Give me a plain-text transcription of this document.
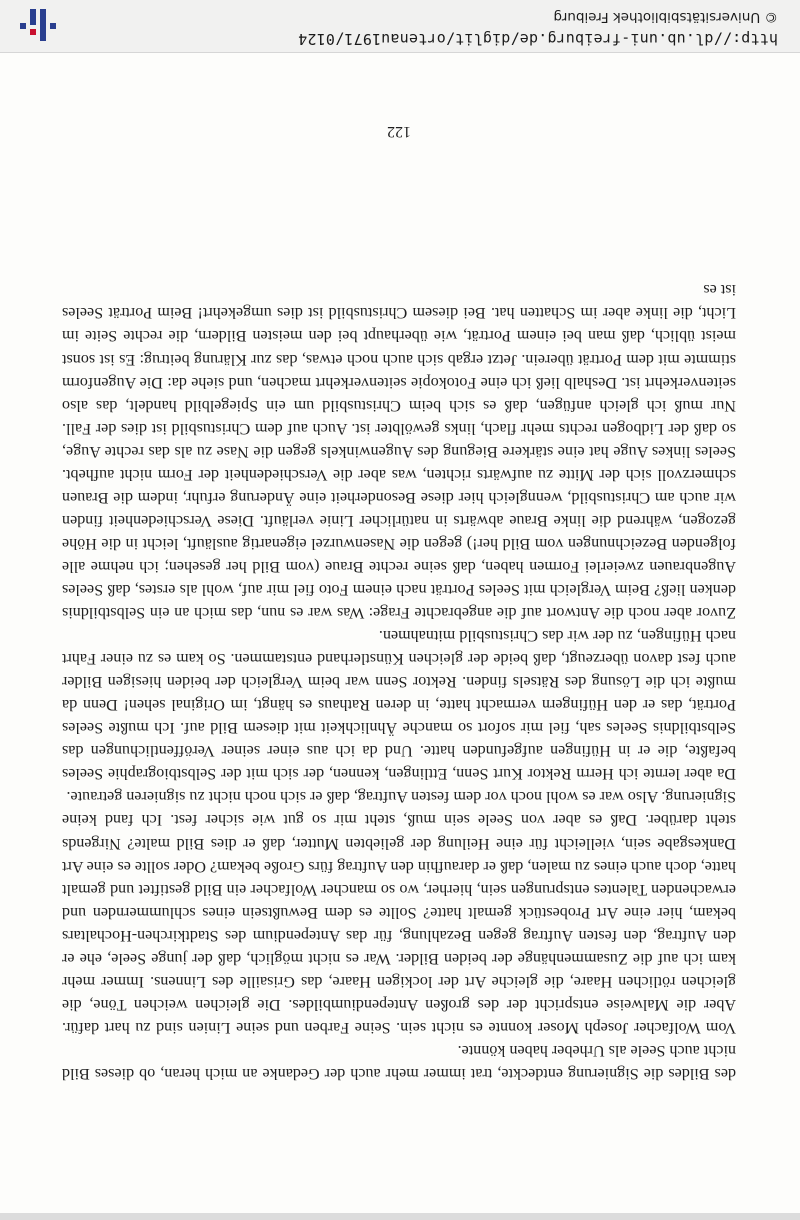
des Bildes die Signierung entdeckte, trat immer mehr auch der Gedanke an mich heran, ob dieses Bild nicht auch Seele als Urheber haben könnte.

Vom Wolfacher Joseph Moser konnte es nicht sein. Seine Farben und seine Linien sind zu hart dafür. Aber die Malweise entspricht der des großen Antependiumbildes. Die gleichen weichen Töne, die gleichen rötlichen Haare, die gleiche Art der lockigen Haare, das Grisaille des Linnens. Immer mehr kam ich auf die Zusammenhänge der beiden Bilder. War es nicht möglich, daß der junge Seele, ehe er den Auftrag, den festen Auftrag gegen Bezahlung, für das Antependium des Stadtkirchen-Hochaltars bekam, hier eine Art Probestück gemalt hatte? Sollte es dem Bewußtsein eines schlummernden und erwachenden Talentes entsprungen sein, hierher, wo so mancher Wolfacher ein Bild gestiftet und gemalt hatte, doch auch eines zu malen, daß er daraufhin den Auftrag fürs Große bekam? Oder sollte es eine Art Dankesgabe sein, vielleicht für eine Heilung der geliebten Mutter, daß er dies Bild malte? Nirgends steht darüber. Daß es aber von Seele sein muß, steht mir so gut wie sicher fest. Ich fand keine Signierung. Also war es wohl noch vor dem festen Auftrag, daß er sich noch nicht zu signieren getraute.

Da aber lernte ich Herrn Rektor Kurt Senn, Ettlingen, kennen, der sich mit der Selbstbiographie Seeles befaßte, die er in Hüfingen aufgefunden hatte. Und da ich aus einer seiner Veröffentlichungen das Selbstbildnis Seeles sah, fiel mir sofort so manche Ähnlichkeit mit diesem Bild auf. Ich mußte Seeles Porträt, das er den Hüfingern vermacht hatte, in deren Rathaus es hängt, im Original sehen! Denn da mußte ich die Lösung des Rätsels finden. Rektor Senn war beim Vergleich der beiden hiesigen Bilder auch fest davon überzeugt, daß beide der gleichen Künstlerhand entstammen. So kam es zu einer Fahrt nach Hüfingen, zu der wir das Christusbild mitnahmen.

Zuvor aber noch die Antwort auf die angebrachte Frage: Was war es nun, das mich an ein Selbstbildnis denken ließ? Beim Vergleich mit Seeles Porträt nach einem Foto fiel mir auf, wohl als erstes, daß Seeles Augenbrauen zweierlei Formen haben, daß seine rechte Braue (vom Bild her gesehen; ich nehme alle folgenden Bezeichnungen vom Bild her!) gegen die Nasenwurzel eigenartig ausläuft, leicht in die Höhe gezogen, während die linke Braue abwärts in natürlicher Linie verläuft. Diese Verschiedenheit finden wir auch am Christusbild, wenngleich hier diese Besonderheit eine Änderung erfuhr, indem die Brauen schmerzvoll sich der Mitte zu aufwärts richten, was aber die Verschiedenheit der Form nicht aufhebt. Seeles linkes Auge hat eine stärkere Biegung des Augenwinkels gegen die Nase zu als das rechte Auge, so daß der Lidbogen rechts mehr flach, links gewölbter ist. Auch auf dem Christusbild ist dies der Fall. Nur muß ich gleich anfügen, daß es sich beim Christusbild um ein Spiegelbild handelt, das also seitenverkehrt ist. Deshalb ließ ich eine Fotokopie seitenverkehrt machen, und siehe da: Die Augenform stimmte mit dem Porträt überein. Jetzt ergab sich auch noch etwas, das zur Klärung beitrug: Es ist sonst meist üblich, daß man bei einem Porträt, wie überhaupt bei den meisten Bildern, die rechte Seite im Licht, die linke aber im Schatten hat. Bei diesem Christusbild ist dies umgekehrt! Beim Porträt Seeles ist es

122
http://dl.ub.uni-freiburg.de/diglit/ortenau1971/0124
© Universitätsbibliothek Freiburg
